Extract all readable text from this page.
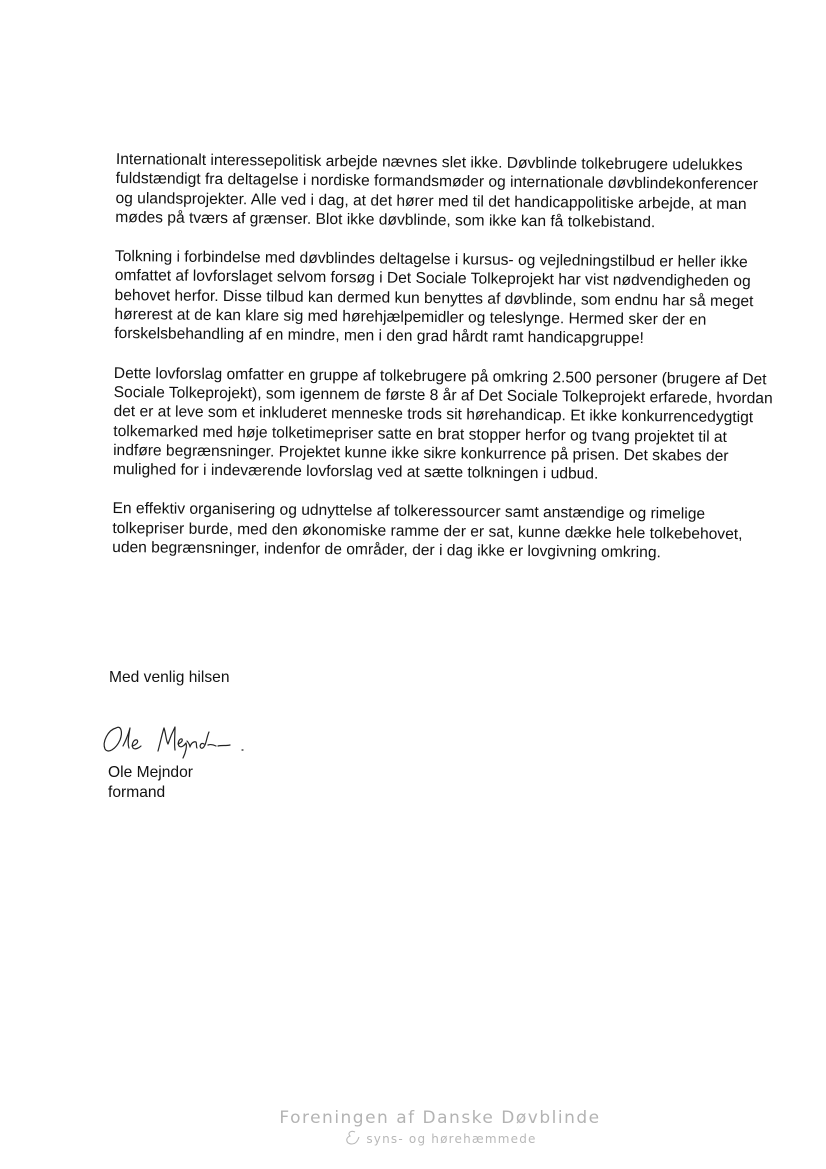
Internationalt interessepolitisk arbejde nævnes slet ikke. Døvblinde tolkebrugere udelukkes fuldstændigt fra deltagelse i nordiske formandsmøder og internationale døvblindekonferencer og ulandsprojekter. Alle ved i dag, at det hører med til det handicappolitiske arbejde, at man mødes på tværs af grænser. Blot ikke døvblinde, som ikke kan få tolkebistand.

Tolkning i forbindelse med døvblindes deltagelse i kursus- og vejledningstilbud er heller ikke omfattet af lovforslaget selvom forsøg i Det Sociale Tolkeprojekt har vist nødvendigheden og behovet herfor. Disse tilbud kan dermed kun benyttes af døvblinde, som endnu har så meget hørerest at de kan klare sig med hørehjælpemidler og teleslynge. Hermed sker der en forskelsbehandling af en mindre, men i den grad hårdt ramt handicapgruppe!

Dette lovforslag omfatter en gruppe af tolkebrugere på omkring 2.500 personer (brugere af Det Sociale Tolkeprojekt), som igennem de første 8 år af Det Sociale Tolkeprojekt erfarede, hvordan det er at leve som et inkluderet menneske trods sit hørehandicap. Et ikke konkurrencedygtigt tolkemarked med høje tolketimepriser satte en brat stopper herfor og tvang projektet til at indføre begrænsninger. Projektet kunne ikke sikre konkurrence på prisen. Det skabes der mulighed for i indeværende lovforslag ved at sætte tolkningen i udbud.

En effektiv organisering og udnyttelse af tolkeressourcer samt anstændige og rimelige tolkepriser burde, med den økonomiske ramme der er sat, kunne dække hele tolkebehovet, uden begrænsninger, indenfor de områder, der i dag ikke er lovgivning omkring.

Med venlig hilsen
Ole Mejndor
formand
Foreningen af Danske Døvblinde
syns- og hørehæmmede
